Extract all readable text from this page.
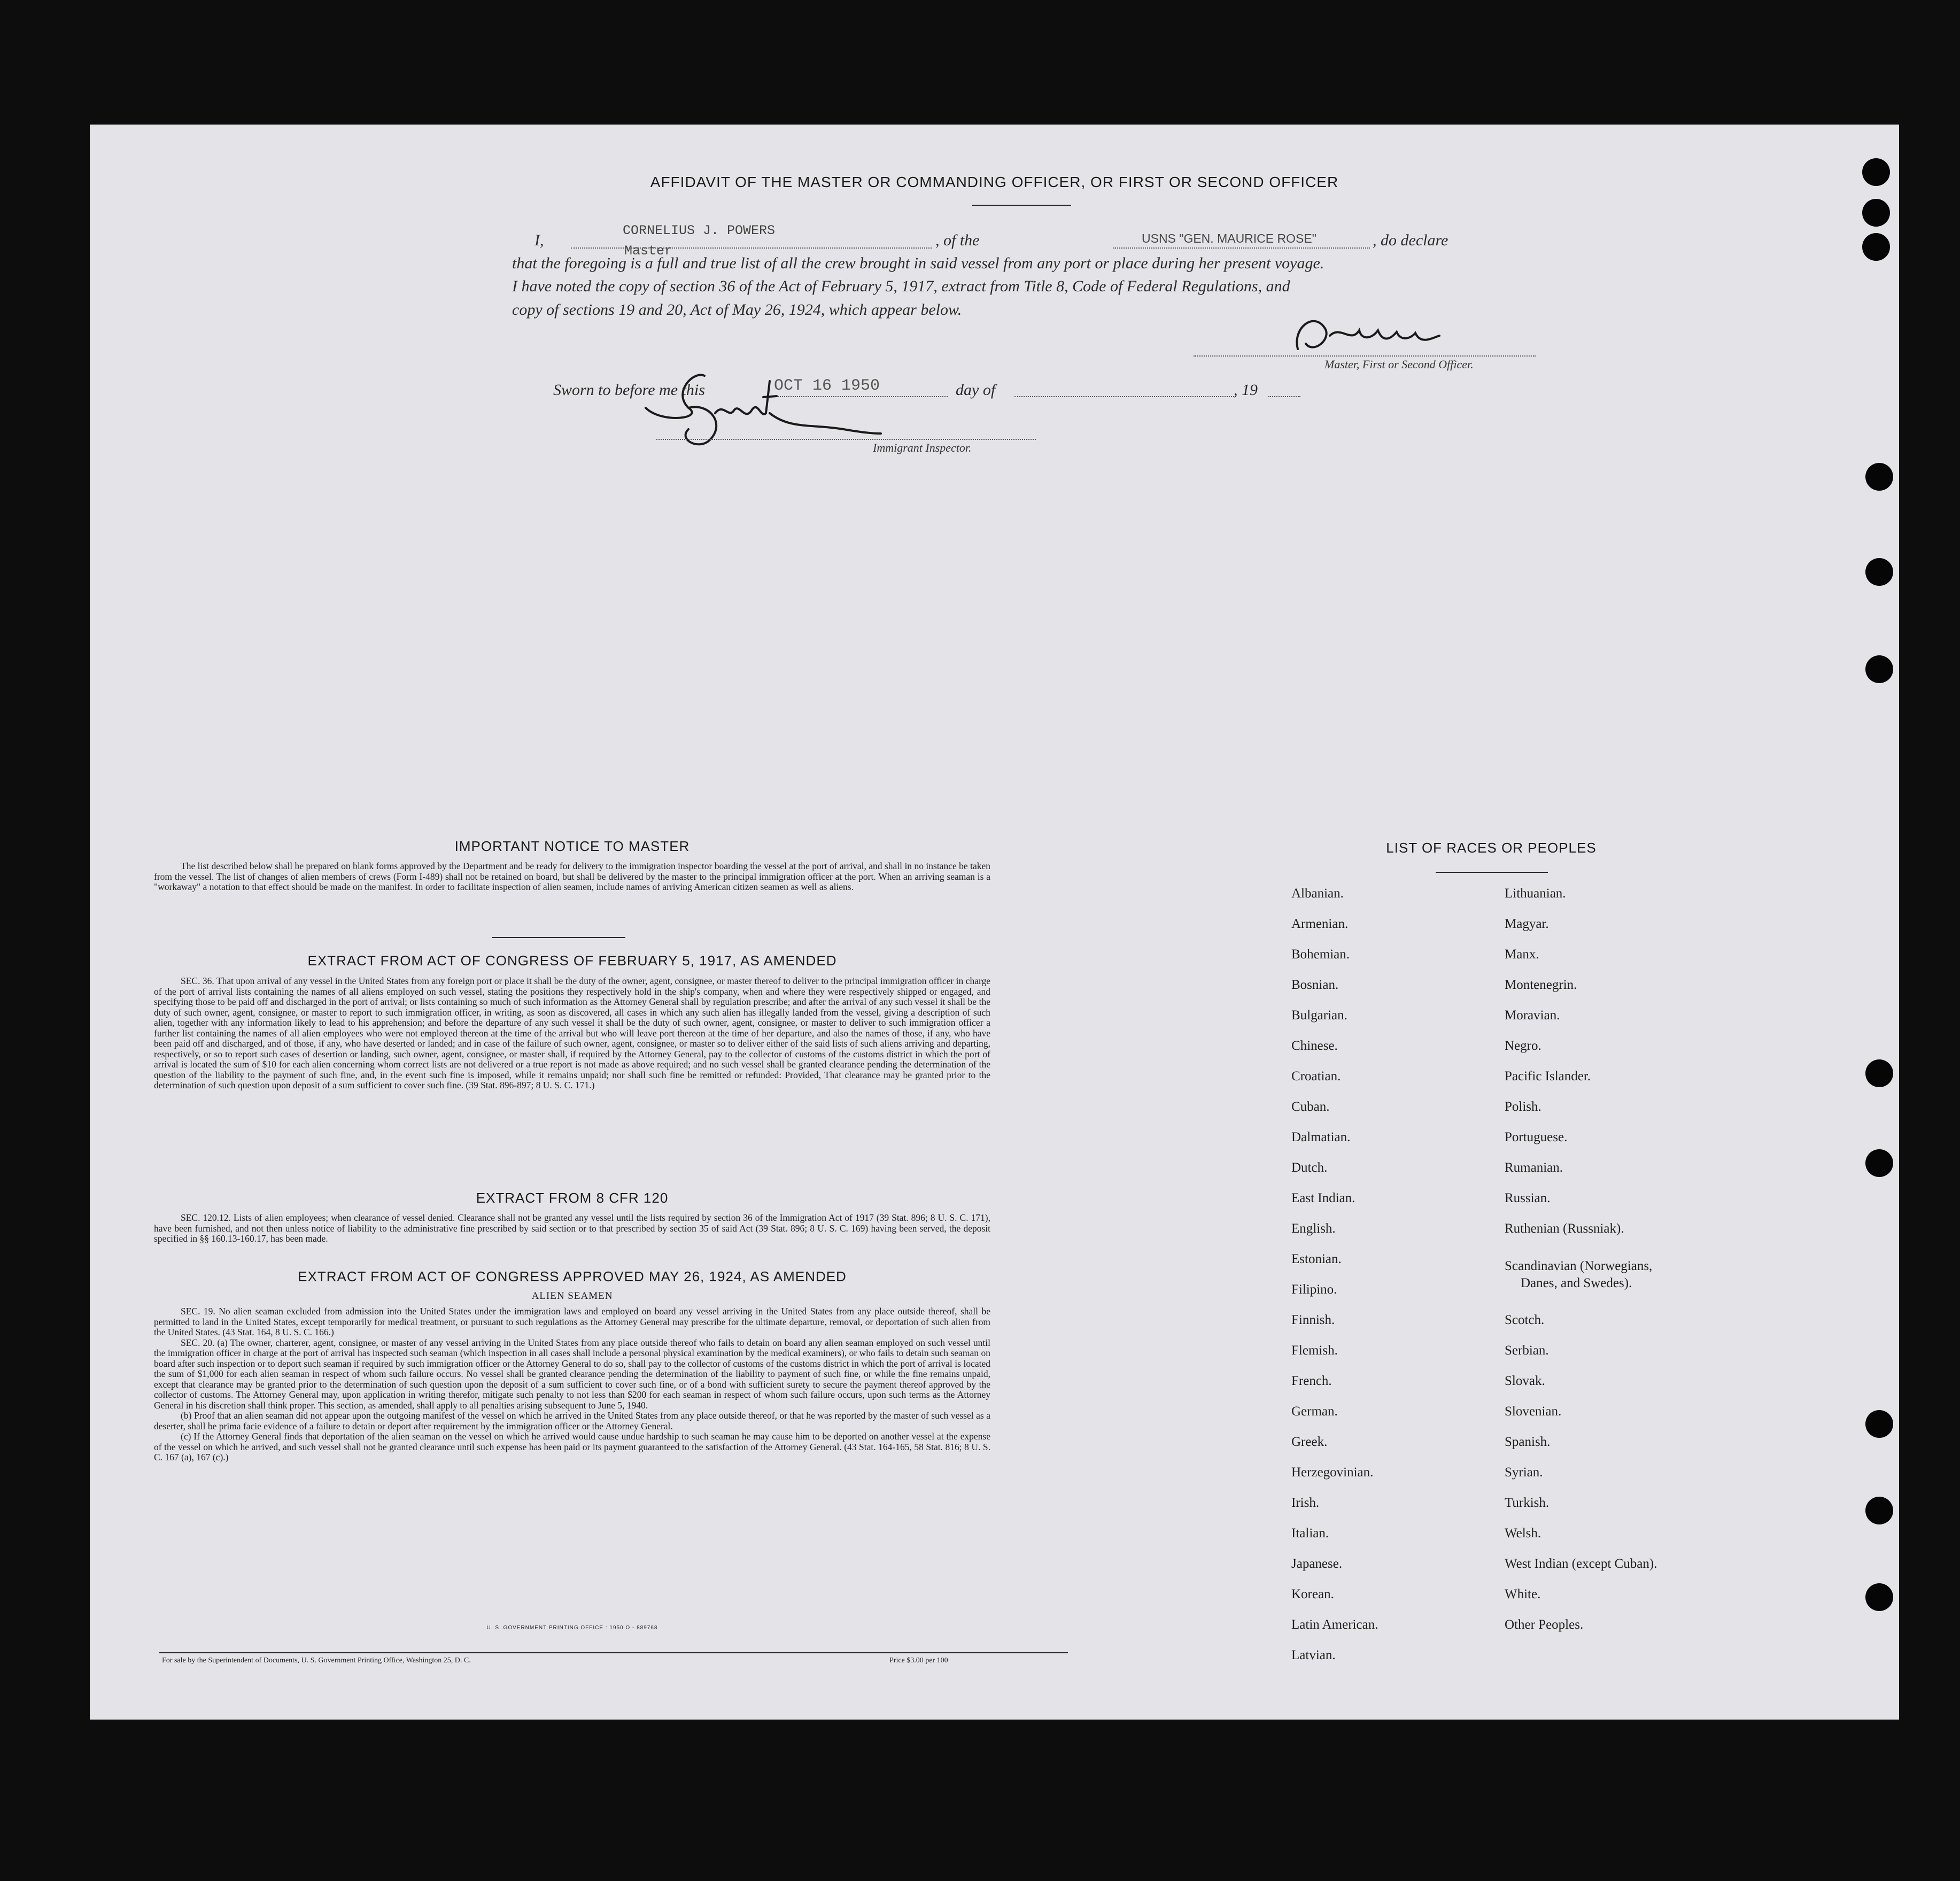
AFFIDAVIT OF THE MASTER OR COMMANDING OFFICER, OR FIRST OR SECOND OFFICER
I,
CORNELIUS J. POWERS
Master
, of the	USNS "GEN. MAURICE ROSE"	, do declare
that the foregoing is a full and true list of all the crew brought in said vessel from any port or place during her present voyage.
I have noted the copy of section 36 of the Act of February 5, 1917, extract from Title 8, Code of Federal Regulations, and
copy of sections 19 and 20, Act of May 26, 1924, which appear below.
Master, First or Second Officer.
Sworn to before me this	OCT 16 1950	day of	, 19
Immigrant Inspector.
IMPORTANT NOTICE TO MASTER
The list described below shall be prepared on blank forms approved by the Department and be ready for delivery to the immigration inspector boarding the vessel at the port of arrival, and shall in no instance be taken from the vessel. The list of changes of alien members of crews (Form I-489) shall not be retained on board, but shall be delivered by the master to the principal immigration officer at the port. When an arriving seaman is a "workaway" a notation to that effect should be made on the manifest. In order to facilitate inspection of alien seamen, include names of arriving American citizen seamen as well as aliens.
EXTRACT FROM ACT OF CONGRESS OF FEBRUARY 5, 1917, AS AMENDED
SEC. 36. That upon arrival of any vessel in the United States from any foreign port or place it shall be the duty of the owner, agent, consignee, or master thereof to deliver to the principal immigration officer in charge of the port of arrival lists containing the names of all aliens employed on such vessel, stating the positions they respectively hold in the ship's company, when and where they were respectively shipped or engaged, and specifying those to be paid off and discharged in the port of arrival; or lists containing so much of such information as the Attorney General shall by regulation prescribe; and after the arrival of any such vessel it shall be the duty of such owner, agent, consignee, or master to report to such immigration officer, in writing, as soon as discovered, all cases in which any such alien has illegally landed from the vessel, giving a description of such alien, together with any information likely to lead to his apprehension; and before the departure of any such vessel it shall be the duty of such owner, agent, consignee, or master to deliver to such immigration officer a further list containing the names of all alien employees who were not employed thereon at the time of the arrival but who will leave port thereon at the time of her departure, and also the names of those, if any, who have been paid off and discharged, and of those, if any, who have deserted or landed; and in case of the failure of such owner, agent, consignee, or master so to deliver either of the said lists of such aliens arriving and departing, respectively, or so to report such cases of desertion or landing, such owner, agent, consignee, or master shall, if required by the Attorney General, pay to the collector of customs of the customs district in which the port of arrival is located the sum of $10 for each alien concerning whom correct lists are not delivered or a true report is not made as above required; and no such vessel shall be granted clearance pending the determination of the question of the liability to the payment of such fine, and, in the event such fine is imposed, while it remains unpaid; nor shall such fine be remitted or refunded: Provided, That clearance may be granted prior to the determination of such question upon deposit of a sum sufficient to cover such fine. (39 Stat. 896-897; 8 U. S. C. 171.)
EXTRACT FROM 8 CFR 120
SEC. 120.12. Lists of alien employees; when clearance of vessel denied. Clearance shall not be granted any vessel until the lists required by section 36 of the Immigration Act of 1917 (39 Stat. 896; 8 U. S. C. 171), have been furnished, and not then unless notice of liability to the administrative fine prescribed by said section or to that prescribed by section 35 of said Act (39 Stat. 896; 8 U. S. C. 169) having been served, the deposit specified in §§ 160.13-160.17, has been made.
EXTRACT FROM ACT OF CONGRESS APPROVED MAY 26, 1924, AS AMENDED
ALIEN SEAMEN
SEC. 19. No alien seaman excluded from admission into the United States under the immigration laws and employed on board any vessel arriving in the United States from any place outside thereof, shall be permitted to land in the United States, except temporarily for medical treatment, or pursuant to such regulations as the Attorney General may prescribe for the ultimate departure, removal, or deportation of such alien from the United States. (43 Stat. 164, 8 U. S. C. 166.)
SEC. 20. (a) The owner, charterer, agent, consignee, or master of any vessel arriving in the United States from any place outside thereof who fails to detain on board any alien seaman employed on such vessel until the immigration officer in charge at the port of arrival has inspected such seaman (which inspection in all cases shall include a personal physical examination by the medical examiners), or who fails to detain such seaman on board after such inspection or to deport such seaman if required by such immigration officer or the Attorney General to do so, shall pay to the collector of customs of the customs district in which the port of arrival is located the sum of $1,000 for each alien seaman in respect of whom such failure occurs. No vessel shall be granted clearance pending the determination of the liability to payment of such fine, or while the fine remains unpaid, except that clearance may be granted prior to the determination of such question upon the deposit of a sum sufficient to cover such fine, or of a bond with sufficient surety to secure the payment thereof approved by the collector of customs. The Attorney General may, upon application in writing therefor, mitigate such penalty to not less than $200 for each seaman in respect of whom such failure occurs, upon such terms as the Attorney General in his discretion shall think proper. This section, as amended, shall apply to all penalties arising subsequent to June 5, 1940.
(b) Proof that an alien seaman did not appear upon the outgoing manifest of the vessel on which he arrived in the United States from any place outside thereof, or that he was reported by the master of such vessel as a deserter, shall be prima facie evidence of a failure to detain or deport after requirement by the immigration officer or the Attorney General.
(c) If the Attorney General finds that deportation of the alien seaman on the vessel on which he arrived would cause undue hardship to such seaman he may cause him to be deported on another vessel at the expense of the vessel on which he arrived, and such vessel shall not be granted clearance until such expense has been paid or its payment guaranteed to the satisfaction of the Attorney General. (43 Stat. 164-165, 58 Stat. 816; 8 U. S. C. 167 (a), 167 (c).)
U. S. GOVERNMENT PRINTING OFFICE : 1950 O - 889768
For sale by the Superintendent of Documents, U. S. Government Printing Office, Washington 25, D. C.	Price $3.00 per 100
LIST OF RACES OR PEOPLES
Albanian.
Armenian.
Bohemian.
Bosnian.
Bulgarian.
Chinese.
Croatian.
Cuban.
Dalmatian.
Dutch.
East Indian.
English.
Estonian.
Filipino.
Finnish.
Flemish.
French.
German.
Greek.
Herzegovinian.
Irish.
Italian.
Japanese.
Korean.
Latin American.
Latvian.
Lithuanian.
Magyar.
Manx.
Montenegrin.
Moravian.
Negro.
Pacific Islander.
Polish.
Portuguese.
Rumanian.
Russian.
Ruthenian (Russniak).
Scandinavian (Norwegians,
Danes, and Swedes).
Scotch.
Serbian.
Slovak.
Slovenian.
Spanish.
Syrian.
Turkish.
Welsh.
West Indian (except Cuban).
White.
Other Peoples.
